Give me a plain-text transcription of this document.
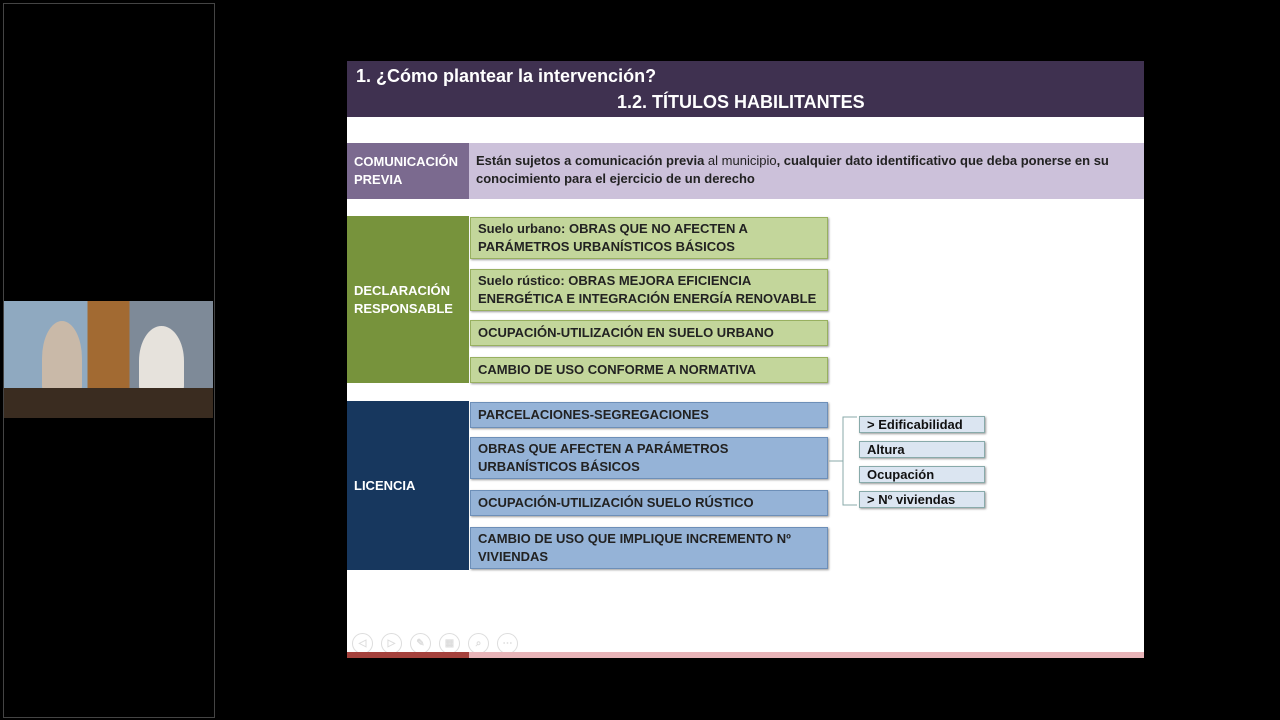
1. ¿Cómo plantear la intervención?
1.2. TÍTULOS HABILITANTES
COMUNICACIÓN PREVIA
Están sujetos a comunicación previa al municipio, cualquier dato identificativo que deba ponerse en su conocimiento para el ejercicio de un derecho
DECLARACIÓN RESPONSABLE
Suelo urbano: OBRAS QUE NO AFECTEN A PARÁMETROS URBANÍSTICOS BÁSICOS
Suelo rústico: OBRAS MEJORA EFICIENCIA ENERGÉTICA E INTEGRACIÓN ENERGÍA RENOVABLE
OCUPACIÓN-UTILIZACIÓN EN SUELO URBANO
CAMBIO DE USO CONFORME A NORMATIVA
LICENCIA
PARCELACIONES-SEGREGACIONES
OBRAS QUE AFECTEN A PARÁMETROS URBANÍSTICOS BÁSICOS
OCUPACIÓN-UTILIZACIÓN SUELO RÚSTICO
CAMBIO DE USO QUE IMPLIQUE INCREMENTO Nº VIVIENDAS
> Edificabilidad
Altura
Ocupación
> Nº viviendas
◁	▷	✎	▦	⌕	⋯
